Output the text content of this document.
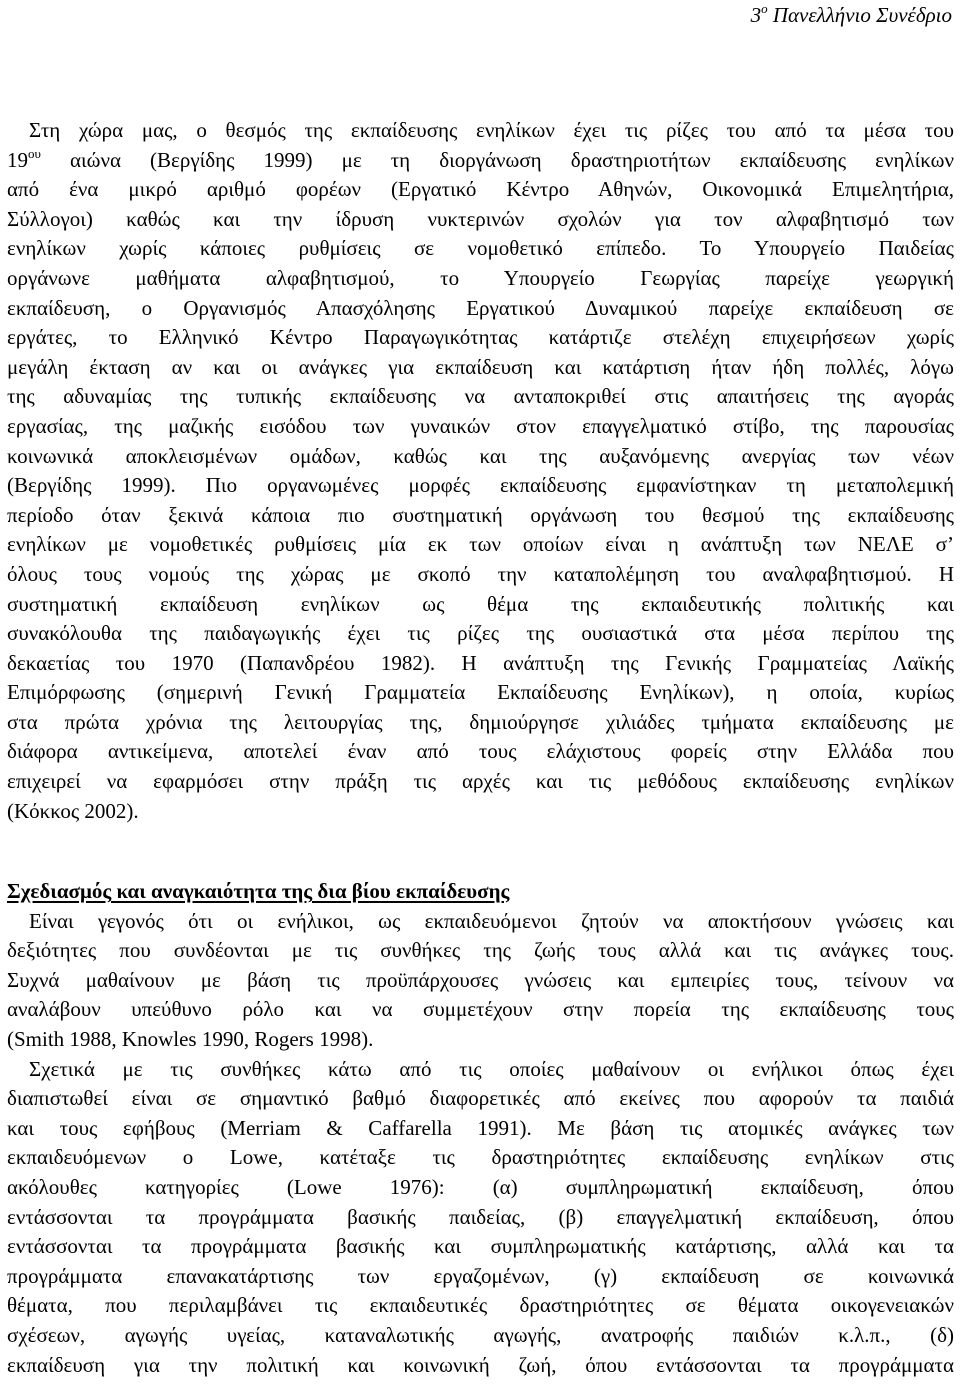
$3^o$ Πανελλήνιο Συνέδριο
Στη χώρα μας, ο θεσμός της εκπαίδευσης ενηλίκων έχει τις ρίζες του από τα μέσα του
$19^{o\upsilon}$ αιώνα (Βεργίδης 1999) με τη διοργάνωση δραστηριοτήτων εκπαίδευσης ενηλίκων
από ένα μικρό αριθμό φορέων (Εργατικό Κέντρο Αθηνών, Οικονομικά Επιμελητήρια,
Σύλλογοι) καθώς και την ίδρυση νυκτερινών σχολών για τον αλφαβητισμό των
ενηλίκων χωρίς κάποιες ρυθμίσεις σε νομοθετικό επίπεδο. Το Υπουργείο Παιδείας
οργάνωνε μαθήματα αλφαβητισμού, το Υπουργείο Γεωργίας παρείχε γεωργική
εκπαίδευση, ο Οργανισμός Απασχόλησης Εργατικού Δυναμικού παρείχε εκπαίδευση σε
εργάτες, το Ελληνικό Κέντρο Παραγωγικότητας κατάρτιζε στελέχη επιχειρήσεων χωρίς
μεγάλη έκταση αν και οι ανάγκες για εκπαίδευση και κατάρτιση ήταν ήδη πολλές, λόγω
της αδυναμίας της τυπικής εκπαίδευσης να ανταποκριθεί στις απαιτήσεις της αγοράς
εργασίας, της μαζικής εισόδου των γυναικών στον επαγγελματικό στίβο, της παρουσίας
κοινωνικά αποκλεισμένων ομάδων, καθώς και της αυξανόμενης ανεργίας των νέων
(Βεργίδης 1999). Πιο οργανωμένες μορφές εκπαίδευσης εμφανίστηκαν τη μεταπολεμική
περίοδο όταν ξεκινά κάποια πιο συστηματική οργάνωση του θεσμού της εκπαίδευσης
ενηλίκων με νομοθετικές ρυθμίσεις μία εκ των οποίων είναι η ανάπτυξη των ΝΕΛΕ σ’
όλους τους νομούς της χώρας με σκοπό την καταπολέμηση του αναλφαβητισμού. Η
συστηματική εκπαίδευση ενηλίκων ως θέμα της εκπαιδευτικής πολιτικής και
συνακόλουθα της παιδαγωγικής έχει τις ρίζες της ουσιαστικά στα μέσα περίπου της
δεκαετίας του 1970 (Παπανδρέου 1982). Η ανάπτυξη της Γενικής Γραμματείας Λαϊκής
Επιμόρφωσης (σημερινή Γενική Γραμματεία Εκπαίδευσης Ενηλίκων), η οποία, κυρίως
στα πρώτα χρόνια της λειτουργίας της, δημιούργησε χιλιάδες τμήματα εκπαίδευσης με
διάφορα αντικείμενα, αποτελεί έναν από τους ελάχιστους φορείς στην Ελλάδα που
επιχειρεί να εφαρμόσει στην πράξη τις αρχές και τις μεθόδους εκπαίδευσης ενηλίκων
(Κόκκος 2002).
Σχεδιασμός και αναγκαιότητα της δια βίου εκπαίδευσης
Είναι γεγονός ότι οι ενήλικοι, ως εκπαιδευόμενοι ζητούν να αποκτήσουν γνώσεις και
δεξιότητες που συνδέονται με τις συνθήκες της ζωής τους αλλά και τις ανάγκες τους.
Συχνά μαθαίνουν με βάση τις προϋπάρχουσες γνώσεις και εμπειρίες τους, τείνουν να
αναλάβουν υπεύθυνο ρόλο και να συμμετέχουν στην πορεία της εκπαίδευσης τους
(Smith 1988, Knowles 1990, Rogers 1998).
Σχετικά με τις συνθήκες κάτω από τις οποίες μαθαίνουν οι ενήλικοι όπως έχει
διαπιστωθεί είναι σε σημαντικό βαθμό διαφορετικές από εκείνες που αφορούν τα παιδιά
και τους εφήβους (Merriam & Caffarella 1991). Με βάση τις ατομικές ανάγκες των
εκπαιδευόμενων ο Lowe, κατέταξε τις δραστηριότητες εκπαίδευσης ενηλίκων στις
ακόλουθες κατηγορίες (Lowe 1976): (α) συμπληρωματική εκπαίδευση, όπου
εντάσσονται τα προγράμματα βασικής παιδείας, (β) επαγγελματική εκπαίδευση, όπου
εντάσσονται τα προγράμματα βασικής και συμπληρωματικής κατάρτισης, αλλά και τα
προγράμματα επανακατάρτισης των εργαζομένων, (γ) εκπαίδευση σε κοινωνικά
θέματα, που περιλαμβάνει τις εκπαιδευτικές δραστηριότητες σε θέματα οικογενειακών
σχέσεων, αγωγής υγείας, καταναλωτικής αγωγής, ανατροφής παιδιών κ.λ.π., (δ)
εκπαίδευση για την πολιτική και κοινωνική ζωή, όπου εντάσσονται τα προγράμματα
